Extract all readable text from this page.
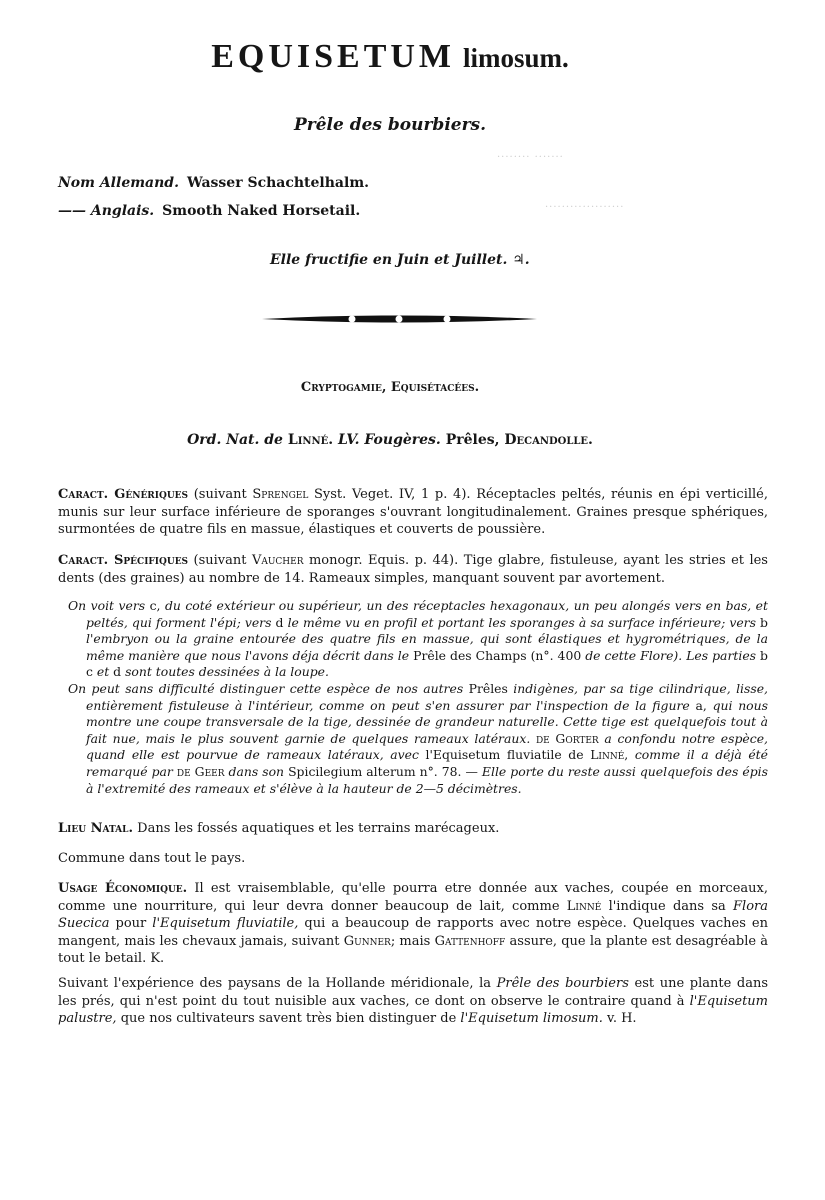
········ ·······
···················
EQUISETUM limosum.
Prêle des bourbiers.
Nom Allemand. Wasser Schachtelhalm.
—— Anglais. Smooth Naked Horsetail.
Elle fructifie en Juin et Juillet. ♃.
Cryptogamie, Equisétacées.
Ord. Nat. de Linné. LV. Fougères. Prêles, Decandolle.
Caract. Génériques (suivant Sprengel Syst. Veget. IV, 1 p. 4). Réceptacles peltés, réunis en épi verticillé, munis sur leur surface inférieure de sporanges s'ouvrant longitudinalement. Graines presque sphériques, surmontées de quatre fils en massue, élastiques et couverts de poussière.
Caract. Spécifiques (suivant Vaucher monogr. Equis. p. 44). Tige glabre, fistuleuse, ayant les stries et les dents (des graines) au nombre de 14. Rameaux simples, manquant souvent par avortement.

On voit vers c, du coté extérieur ou supérieur, un des réceptacles hexagonaux, un peu alongés vers en bas, et peltés, qui forment l'épi; vers d le même vu en profil et portant les sporanges à sa surface inférieure; vers b l'embryon ou la graine entourée des quatre fils en massue, qui sont élastiques et hygrométriques, de la même manière que nous l'avons déja décrit dans le Prêle des Champs (n°. 400 de cette Flore). Les parties b c et d sont toutes dessinées à la loupe.

On peut sans difficulté distinguer cette espèce de nos autres Prêles indigènes, par sa tige cilindrique, lisse, entièrement fistuleuse à l'intérieur, comme on peut s'en assurer par l'inspection de la figure a, qui nous montre une coupe transversale de la tige, dessinée de grandeur naturelle. Cette tige est quelquefois tout à fait nue, mais le plus souvent garnie de quelques rameaux latéraux. de Gorter a confondu notre espèce, quand elle est pourvue de rameaux latéraux, avec l'Equisetum fluviatile de Linné, comme il a déjà été remarqué par de Geer dans son Spicilegium alterum n°. 78. — Elle porte du reste aussi quelquefois des épis à l'extremité des rameaux et s'élève à la hauteur de 2—5 décimètres.

Lieu Natal. Dans les fossés aquatiques et les terrains marécageux.
Commune dans tout le pays.
Usage Économique. Il est vraisemblable, qu'elle pourra etre donnée aux vaches, coupée en morceaux, comme une nourriture, qui leur devra donner beaucoup de lait, comme Linné l'indique dans sa Flora Suecica pour l'Equisetum fluviatile, qui a beaucoup de rapports avec notre espèce. Quelques vaches en mangent, mais les chevaux jamais, suivant Gunner; mais Gattenhoff assure, que la plante est desagréable à tout le betail. K.
Suivant l'expérience des paysans de la Hollande méridionale, la Prêle des bourbiers est une plante dans les prés, qui n'est point du tout nuisible aux vaches, ce dont on observe le contraire quand à l'Equisetum palustre, que nos cultivateurs savent très bien distinguer de l'Equisetum limosum. v. H.
